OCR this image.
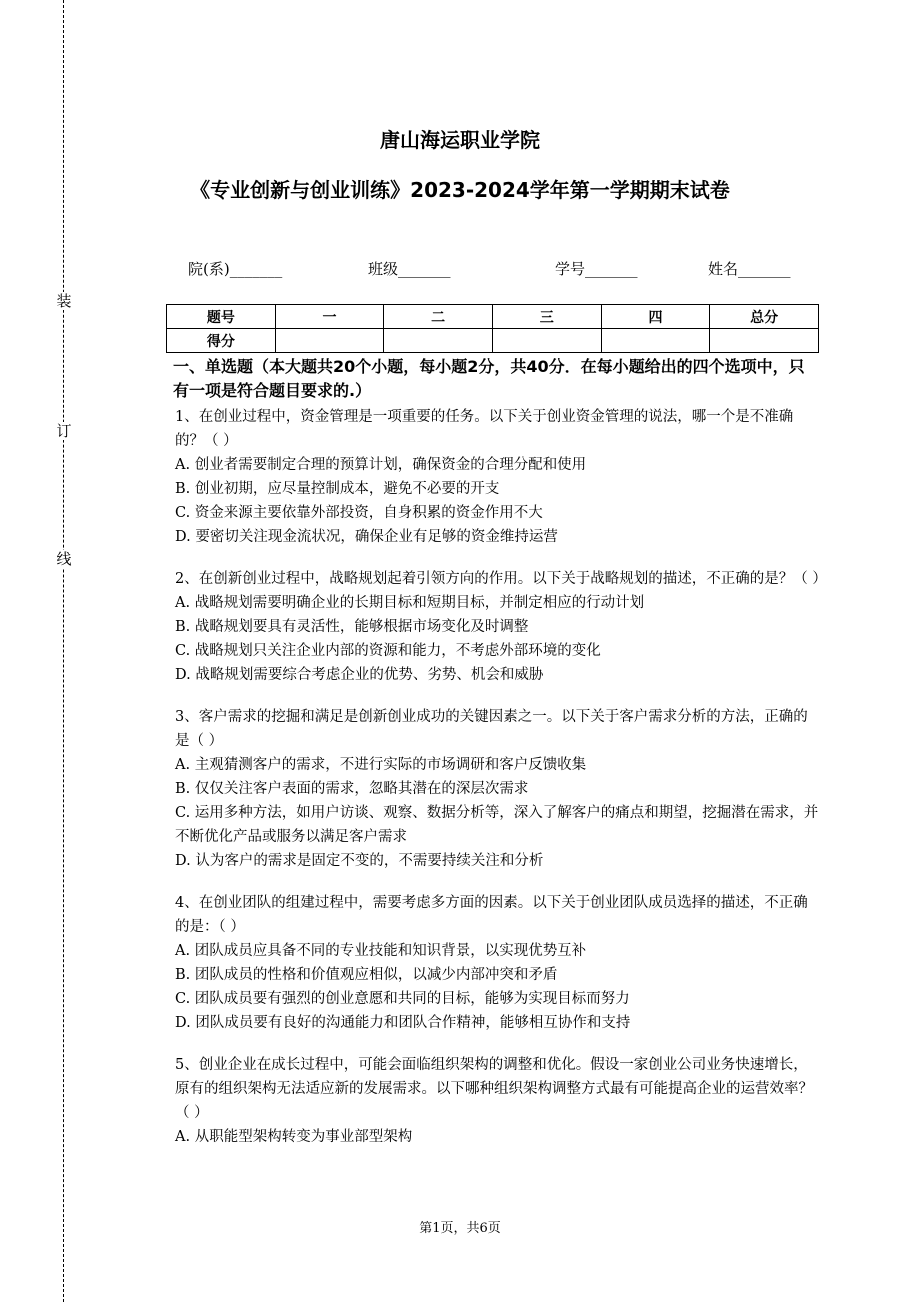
装
订
线
唐山海运职业学院
《专业创新与创业训练》2023-2024学年第一学期期末试卷
院(系)_______	班级_______	学号_______	姓名_______
题号	一	二	三	四	总分
得分					

一、单选题（本大题共20个小题，每小题2分，共40分．在每小题给出的四个选项中，只有一项是符合题目要求的.）

1、在创业过程中，资金管理是一项重要的任务。以下关于创业资金管理的说法，哪一个是不准确的？（ ）

A. 创业者需要制定合理的预算计划，确保资金的合理分配和使用

B. 创业初期，应尽量控制成本，避免不必要的开支

C. 资金来源主要依靠外部投资，自身积累的资金作用不大

D. 要密切关注现金流状况，确保企业有足够的资金维持运营

2、在创新创业过程中，战略规划起着引领方向的作用。以下关于战略规划的描述，不正确的是？（ ）

A. 战略规划需要明确企业的长期目标和短期目标，并制定相应的行动计划

B. 战略规划要具有灵活性，能够根据市场变化及时调整

C. 战略规划只关注企业内部的资源和能力，不考虑外部环境的变化

D. 战略规划需要综合考虑企业的优势、劣势、机会和威胁

3、客户需求的挖掘和满足是创新创业成功的关键因素之一。以下关于客户需求分析的方法，正确的是（ ）

A. 主观猜测客户的需求，不进行实际的市场调研和客户反馈收集

B. 仅仅关注客户表面的需求，忽略其潜在的深层次需求

C. 运用多种方法，如用户访谈、观察、数据分析等，深入了解客户的痛点和期望，挖掘潜在需求，并不断优化产品或服务以满足客户需求

D. 认为客户的需求是固定不变的，不需要持续关注和分析

4、在创业团队的组建过程中，需要考虑多方面的因素。以下关于创业团队成员选择的描述，不正确的是：（ ）

A. 团队成员应具备不同的专业技能和知识背景，以实现优势互补

B. 团队成员的性格和价值观应相似，以减少内部冲突和矛盾

C. 团队成员要有强烈的创业意愿和共同的目标，能够为实现目标而努力

D. 团队成员要有良好的沟通能力和团队合作精神，能够相互协作和支持

5、创业企业在成长过程中，可能会面临组织架构的调整和优化。假设一家创业公司业务快速增长，原有的组织架构无法适应新的发展需求。以下哪种组织架构调整方式最有可能提高企业的运营效率？（ ）

A. 从职能型架构转变为事业部型架构

第1页，共6页
